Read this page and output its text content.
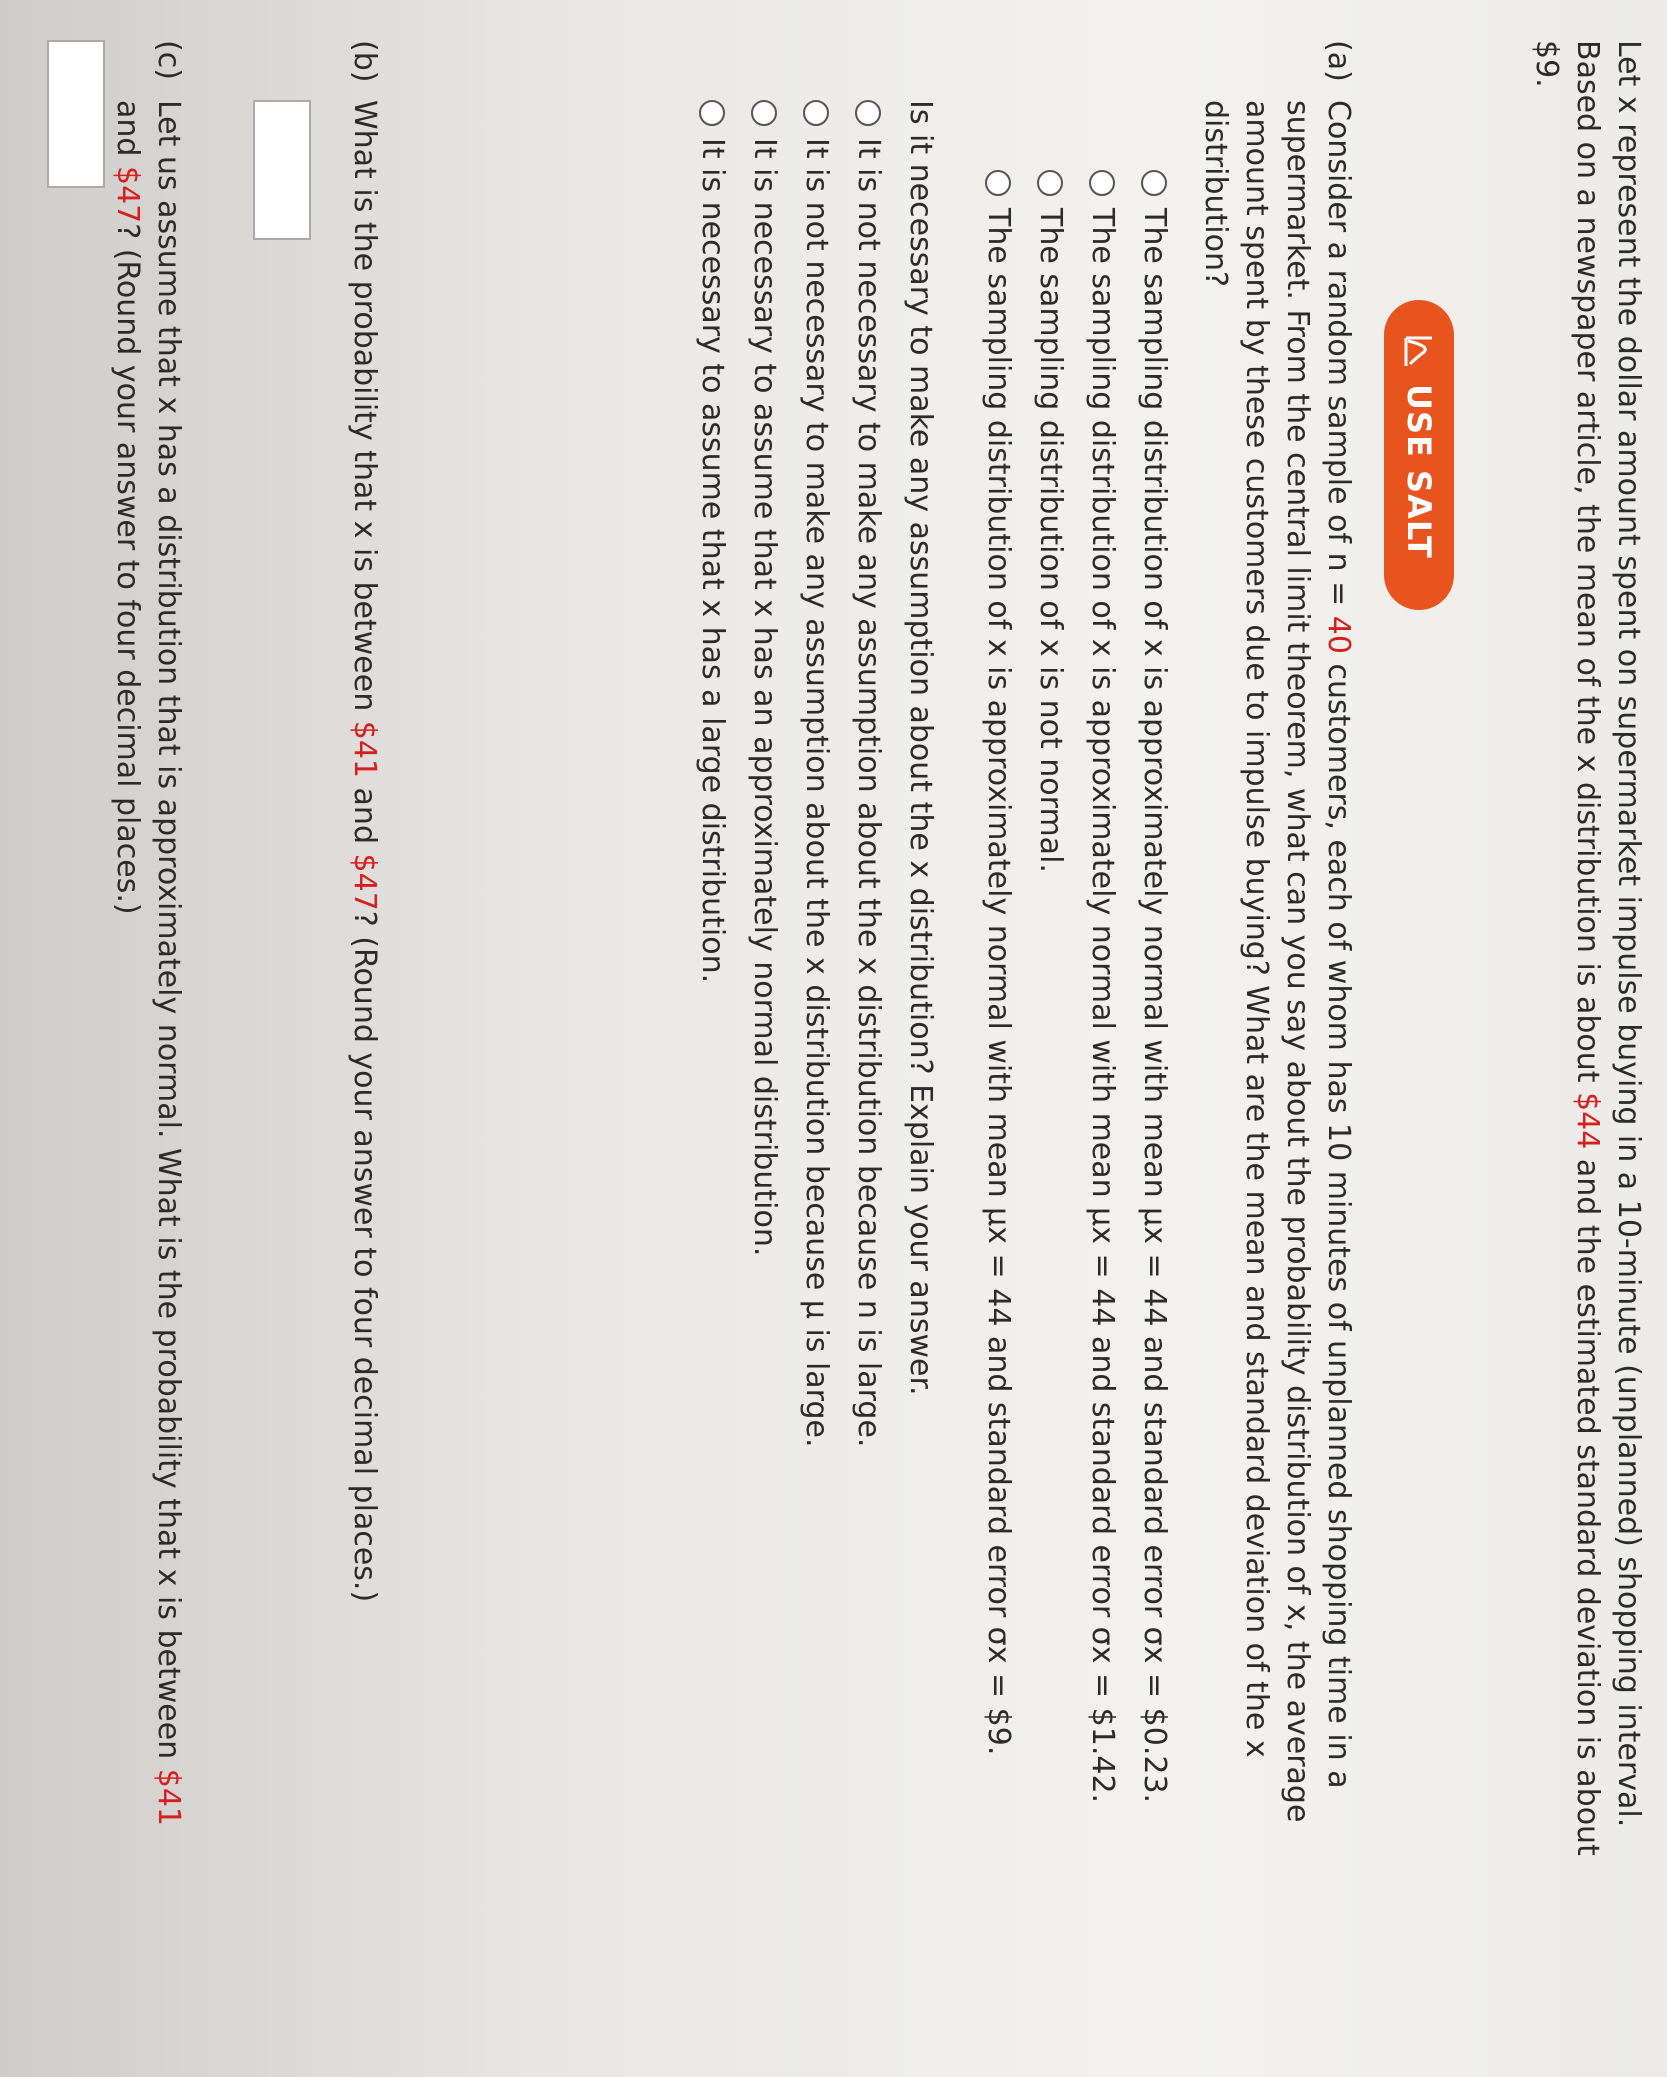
Let x represent the dollar amount spent on supermarket impulse buying in a 10-minute (unplanned) shopping interval.
Based on a newspaper article, the mean of the x distribution is about $44 and the estimated standard deviation is about
$9.
USE SALT
(a)
Consider a random sample of n = 40 customers, each of whom has 10 minutes of unplanned shopping time in a
supermarket. From the central limit theorem, what can you say about the probability distribution of x, the average
amount spent by these customers due to impulse buying? What are the mean and standard deviation of the x
distribution?
The sampling distribution of x is approximately normal with mean μx = 44 and standard error σx = $0.23.
The sampling distribution of x is approximately normal with mean μx = 44 and standard error σx = $1.42.
The sampling distribution of x is not normal.
The sampling distribution of x is approximately normal with mean μx = 44 and standard error σx = $9.
Is it necessary to make any assumption about the x distribution? Explain your answer.
It is not necessary to make any assumption about the x distribution because n is large.
It is not necessary to make any assumption about the x distribution because μ is large.
It is necessary to assume that x has an approximately normal distribution.
It is necessary to assume that x has a large distribution.
(b)
What is the probability that x is between $41 and $47? (Round your answer to four decimal places.)
(c)
Let us assume that x has a distribution that is approximately normal. What is the probability that x is between $41
and $47? (Round your answer to four decimal places.)
